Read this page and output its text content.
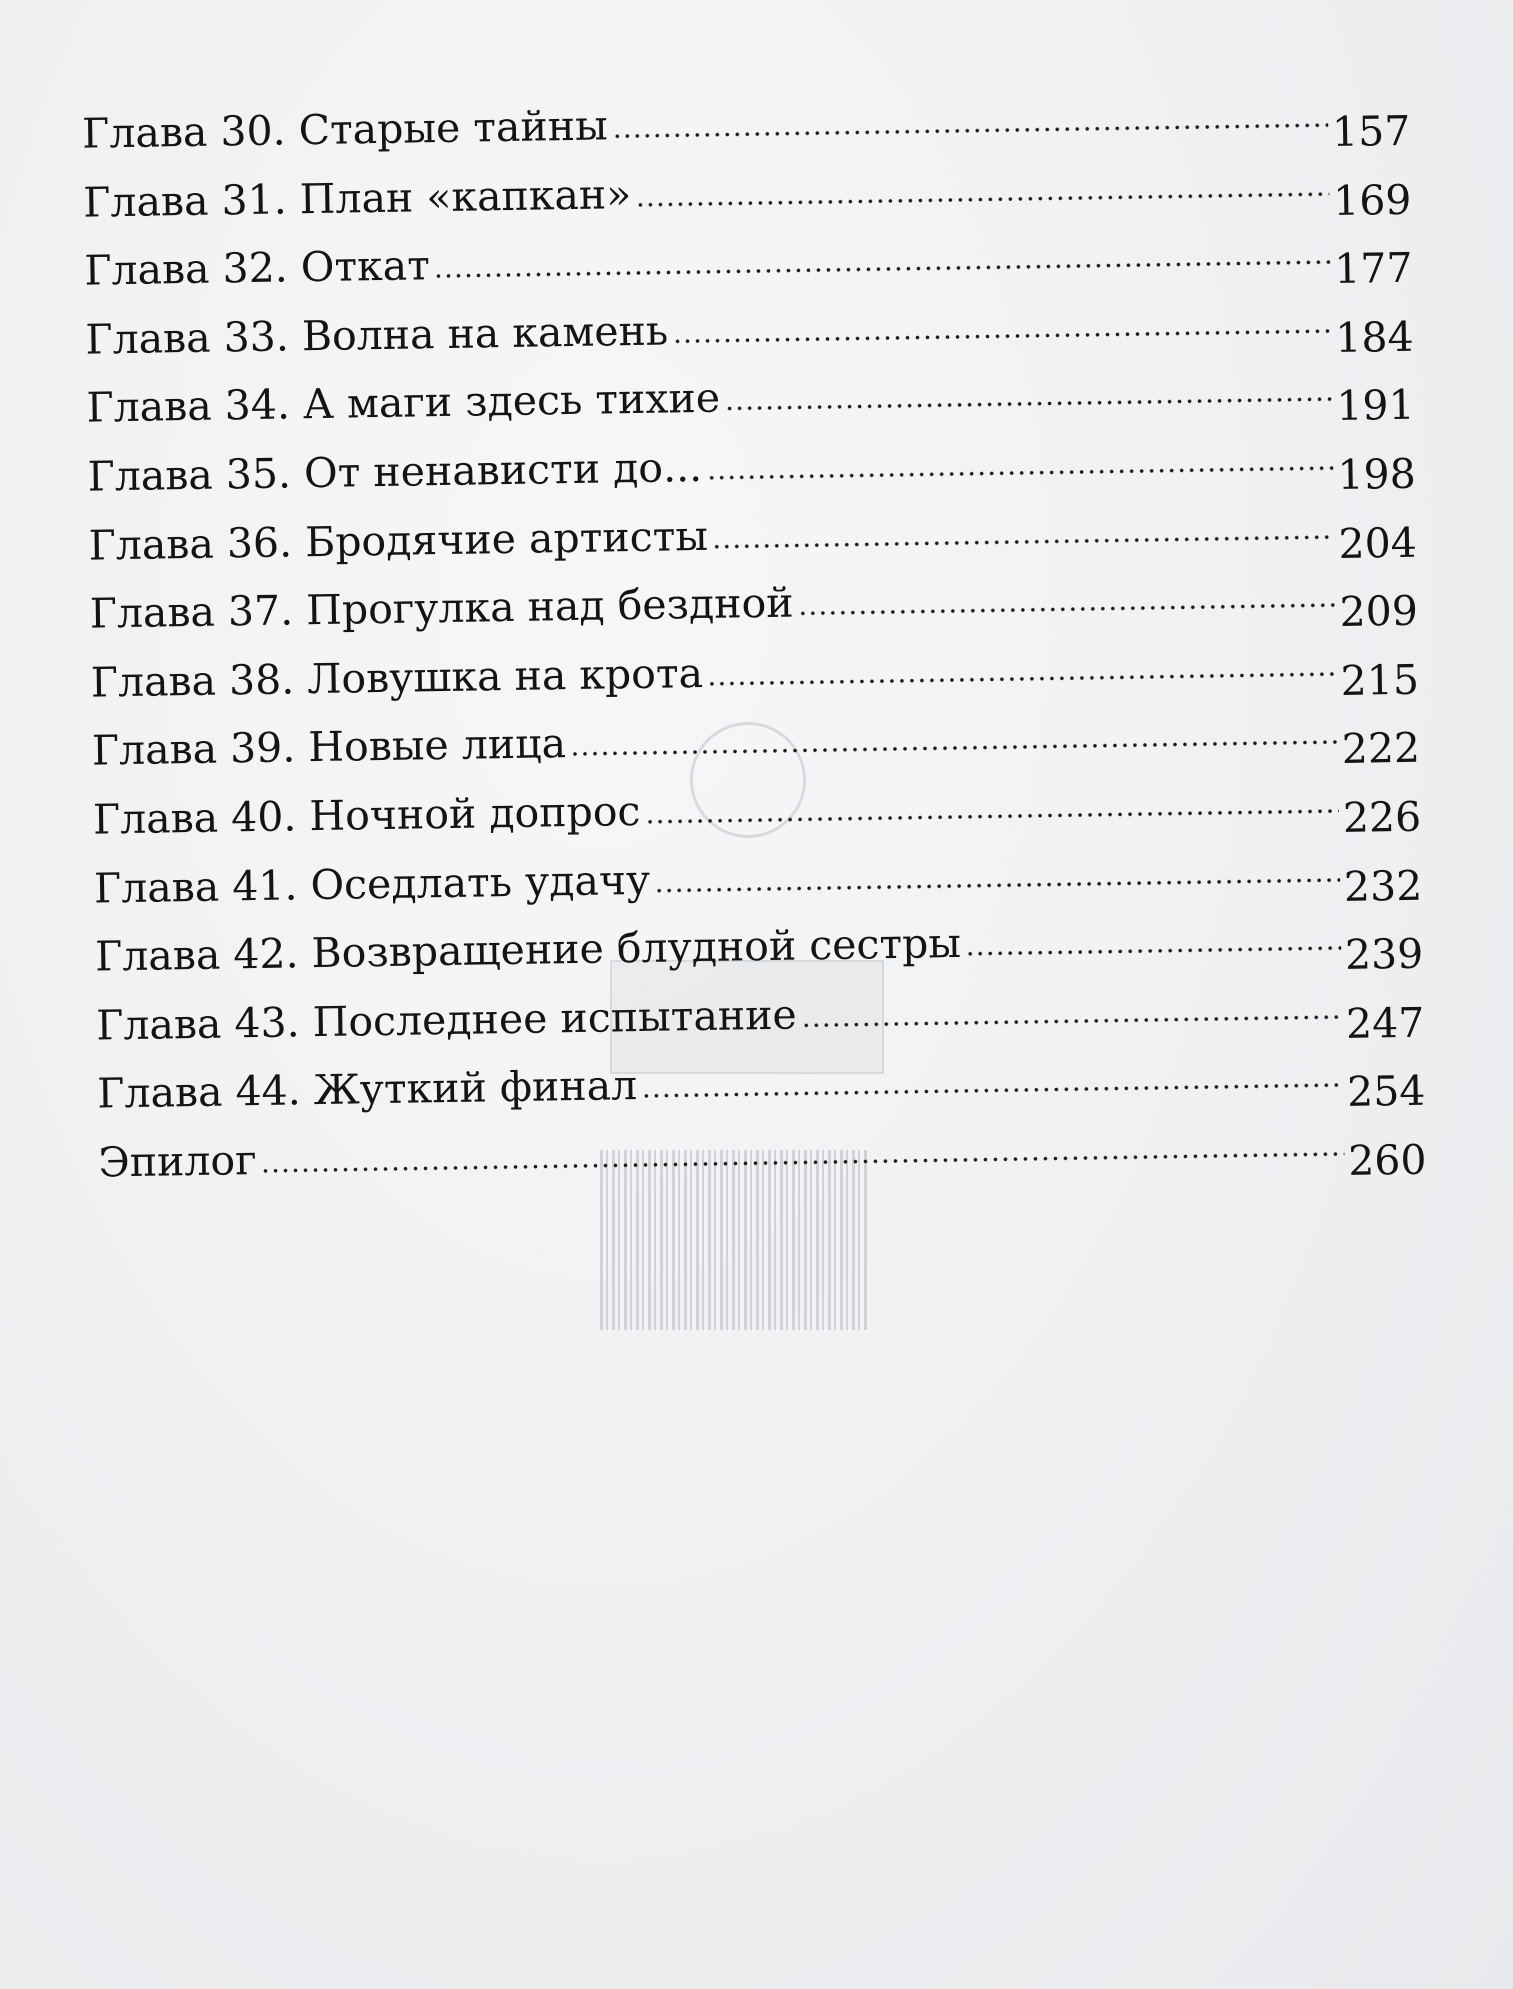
Глава 30. Старые тайны	157
Глава 31. План «капкан»	169
Глава 32. Откат	177
Глава 33. Волна на камень	184
Глава 34. А маги здесь тихие	191
Глава 35. От ненависти до...	198
Глава 36. Бродячие артисты	204
Глава 37. Прогулка над бездной	209
Глава 38. Ловушка на крота	215
Глава 39. Новые лица	222
Глава 40. Ночной допрос	226
Глава 41. Оседлать удачу	232
Глава 42. Возвращение блудной сестры	239
Глава 43. Последнее испытание	247
Глава 44. Жуткий финал	254
Эпилог	260
